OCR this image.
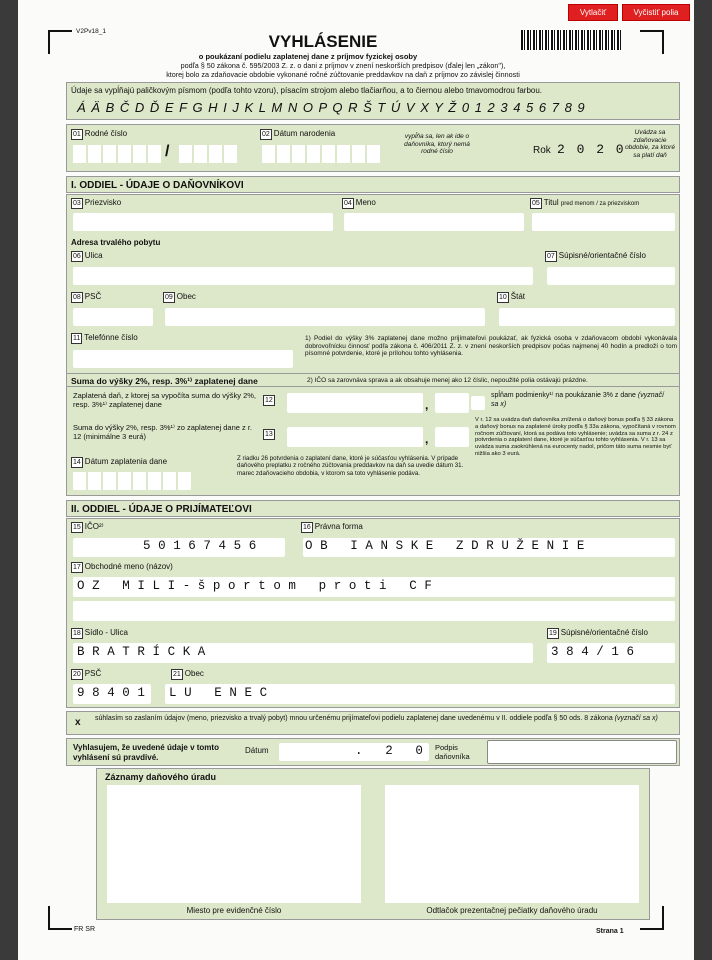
Vytlačiť	Vyčistiť polia
V2Pv18_1
VYHLÁSENIE
o poukázaní podielu zaplatenej dane z príjmov fyzickej osoby
podľa § 50 zákona č. 595/2003 Z. z. o dani z príjmov v znení neskorších predpisov (ďalej len „zákon"),
ktorej bolo za zdaňovacie obdobie vykonané ročné zúčtovanie preddavkov na daň z príjmov zo závislej činnosti
Údaje sa vypĺňajú paličkovým písmom (podľa tohto vzoru), písacím strojom alebo tlačiarňou, a to čiernou alebo tmavomodrou farbou.
Á Ä B Č D Ď E F G H I J K L M N O P Q R Š T Ú V X Y Ž 0 1 2 3 4 5 6 7 8 9
01 Rodné číslo
/
02 Dátum narodenia	vypĺňa sa, len ak ide o daňovníka, ktorý nemá rodné číslo	Rok 2 0 2 0
Uvádza sa zdaňovacie obdobie, za ktoré sa platí daň
I. ODDIEL - ÚDAJE O DAŇOVNÍKOVI
03 Priezvisko	04 Meno	05 Titul pred menom / za priezviskom
Adresa trvalého pobytu
06 Ulica	07 Súpisné/orientačné číslo
08 PSČ	09 Obec	10 Štát
11 Telefónne číslo	1) Podiel do výšky 3% zaplatenej dane možno prijímateľovi poukázať, ak fyzická osoba v zdaňovacom období vykonávala dobrovoľnícku činnosť podľa zákona č. 406/2011 Z. z. v znení neskorších predpisov počas najmenej 40 hodín a predloží o tom písomné potvrdenie, ktoré je prílohou tohto vyhlásenia.
Suma do výšky 2%, resp. 3%¹⁾ zaplatenej dane	2) IČO sa zarovnáva sprava a ak obsahuje menej ako 12 číslic, nepoužité polia ostávajú prázdne.
Zaplatená daň, z ktorej sa vypočíta suma do výšky 2%, resp. 3%¹⁾ zaplatenej dane	12	,
spĺňam podmienky¹⁾ na poukázanie 3% z dane (vyznačí sa x)
Suma do výšky 2%, resp. 3%¹⁾ zo zaplatenej dane z r. 12 (minimálne 3 eurá)	13	,
V r. 12 sa uvádza daň daňovníka znížená o daňový bonus podľa § 33 zákona a daňový bonus na zaplatené úroky podľa § 33a zákona, vypočítaná v rovnom ročnom zúčtovaní, ktorá sa podáva toto vyhlásenie; uvádza sa suma z r. 24 z potvrdenia o zaplatení dane, ktoré je súčasťou tohto vyhlásenia. V r. 13 sa uvádza suma zaokrúhlená na eurocenty nadol, pričom táto suma nesmie byť nižšia ako 3 eurá.
14 Dátum zaplatenia dane	Z riadku 26 potvrdenia o zaplatení dane, ktoré je súčasťou vyhlásenia. V prípade daňového preplatku z ročného zúčtovania preddavkov na daň sa uvedie dátum 31. marec zdaňovacieho obdobia, v ktorom sa toto vyhlásenie podáva.
II. ODDIEL - ÚDAJE O PRIJÍMATEĽOVI
15 IČO²⁾
50167456
16 Právna forma
OB IANSKE ZDRUŽENIE
17 Obchodné meno (názov)
OZ MILI-športom proti CF
18 Sídlo - Ulica
BRATRÍCKA
19 Súpisné/orientačné číslo
384/16
20 PSČ
98401
21 Obec
LU ENEC
x súhlasím so zaslaním údajov (meno, priezvisko a trvalý pobyt) mnou určenému prijímateľovi podielu zaplatenej dane uvedenému v II. oddiele podľa § 50 ods. 8 zákona (vyznačí sa x)
Vyhlasujem, že uvedené údaje v tomto vyhlásení sú pravdivé.
Dátum	. 2 0 Podpis daňovníka
Záznamy daňového úradu
Miesto pre evidenčné číslo	Odtlačok prezentačnej pečiatky daňového úradu
FR SR	Strana 1
